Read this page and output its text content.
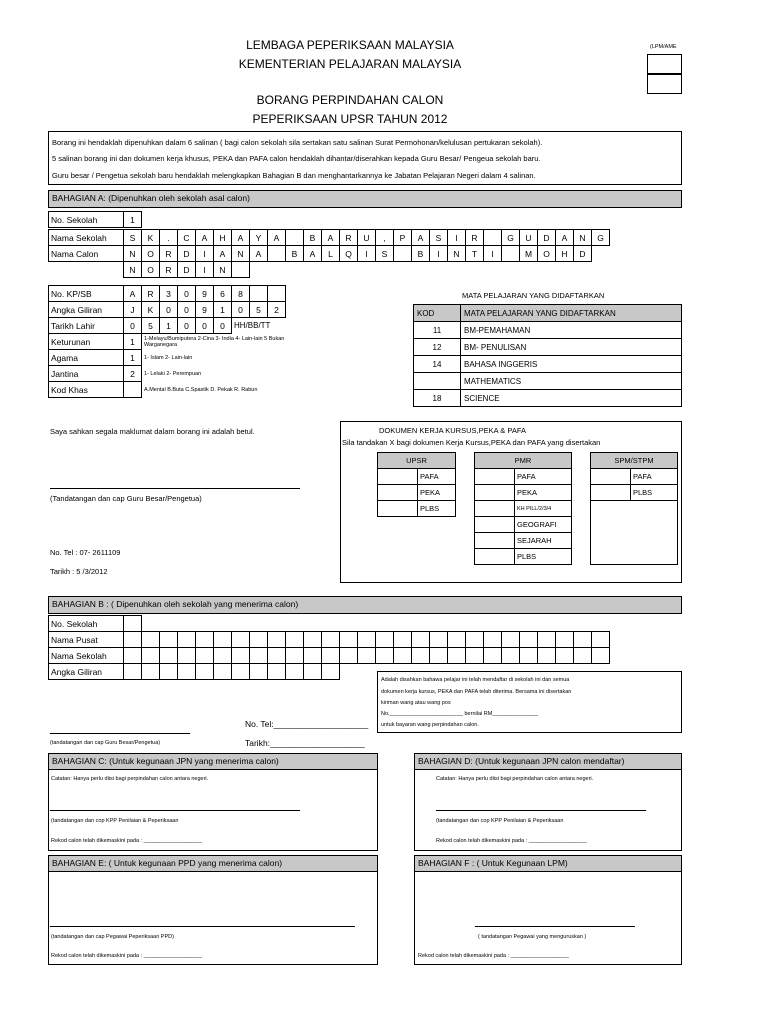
LEMBAGA PEPERIKSAAN MALAYSIA
KEMENTERIAN PELAJARAN MALAYSIA
BORANG PERPINDAHAN CALON
PEPERIKSAAN UPSR TAHUN 2012
(LPM/AME
Borang ini hendaklah dipenuhkan dalam 6 salinan ( bagi calon sekolah sila sertakan satu salinan Surat Permohonan/kelulusan pertukaran sekolah).
5 salinan borang ini dan dokumen kerja khusus, PEKA dan PAFA calon hendaklah dihantar/diserahkan kepada Guru Besar/ Pengeua sekolah baru.
Guru besar / Pengetua sekolah baru hendaklah melengkapkan Bahagian B dan menghantarkannya ke Jabatan Pelajaran Negeri dalam 4 salinan.
BAHAGIAN A: (Dipenuhkan oleh sekolah asal calon)
No. Sekolah	1
Nama Sekolah	S	K	.	C	A	H	A	Y	A		B	A	R	U	,	P	A	S	I	R		G	U	D	A	N	G
Nama Calon	N	O	R	D	I	A	N	A		B	A	L	Q	I	S		B	I	N	T	I		M	O	H	D	
	N	O	R	D	I	N																					
No. KP/SB	A	R	3	0	9	6	8		
Angka Giliran	J	K	0	0	9	1	0	5	2
Tarikh Lahir	0	5	1	0	0	0	HH/BB/TT		
Keturunan	1	1-Melayu/Bumiputera 2-Cina 3- India 4- Lain-lain 5 Bukan Warganegara							
Agama	1	1- Islam 2- Lain-lain							
Jantina	2	1- Lelaki 2- Perempuan							
Kod Khas		A.Mental B.Buta C.Spastik D. Pekak R. Rabun							
MATA PELAJARAN YANG DIDAFTARKAN
KOD	MATA PELAJARAN YANG DIDAFTARKAN
11	BM-PEMAHAMAN
12	BM- PENULISAN
14	BAHASA INGGERIS
	MATHEMATICS
18	SCIENCE
Saya sahkan segala maklumat dalam borang ini adalah betul.
(Tandatangan dan cap Guru Besar/Pengetua)
No. Tel : 07- 2611109
Tarikh : 5 /3/2012
DOKUMEN KERJA KURSUS,PEKA & PAFA
Sila tandakan X bagi dokumen Kerja Kursus,PEKA dan PAFA yang disertakan
UPSR	
	PAFA
	PEKA
	PLBS
PMR	
	PAFA
	PEKA
	KH PILL/2/3/4
	GEOGRAFI
	SEJARAH
	PLBS
SPM/STPM	
	PAFA
	PLBS

BAHAGIAN B : ( Dipenuhkan oleh sekolah yang menerima calon)
No. Sekolah																											
Nama Pusat																											
Nama Sekolah																											
Angka Giliran																											
Adalah disahkan bahawa pelajar ini telah mendaftar di sekolah ini dan semua
dokumen kerja kursus, PEKA dan PAFA telah diterima. Bersama ini disertakan
kiriman wang atau wang pos
No.________________________ bernilai RM_______________
untuk bayaran wang perpindahan calon.
No. Tel:____________________
(tandatangan dan cap Guru Besar/Pengetua)	Tarikh:____________________
BAHAGIAN C: (Untuk kegunaan JPN yang menerima calon)
Catatan: Hanya perlu diisi bagi perpindahan calon antara negeri.
(tandatangan dan cop KPP Penilaian & Peperiksaan
Rekod calon telah dikemaskini pada : ___________________
BAHAGIAN D: (Untuk kegunaan JPN calon mendaftar)
Catatan: Hanya perlu diisi bagi perpindahan calon antara negeri.
(tandatangan dan cop KPP Penilaian & Peperiksaan
Rekod calon telah dikemaskini pada : ___________________
BAHAGIAN E: ( Untuk kegunaan PPD yang menerima calon)
(tandatangan dan cap Pegawai Peperiksaan PPD)
Rekod calon telah dikemaskini pada : ___________________
BAHAGIAN F : ( Untuk Kegunaan LPM)
( tandatangan Pegawai yang menguruskan )
Rekod calon telah dikemaskini pada : ___________________
